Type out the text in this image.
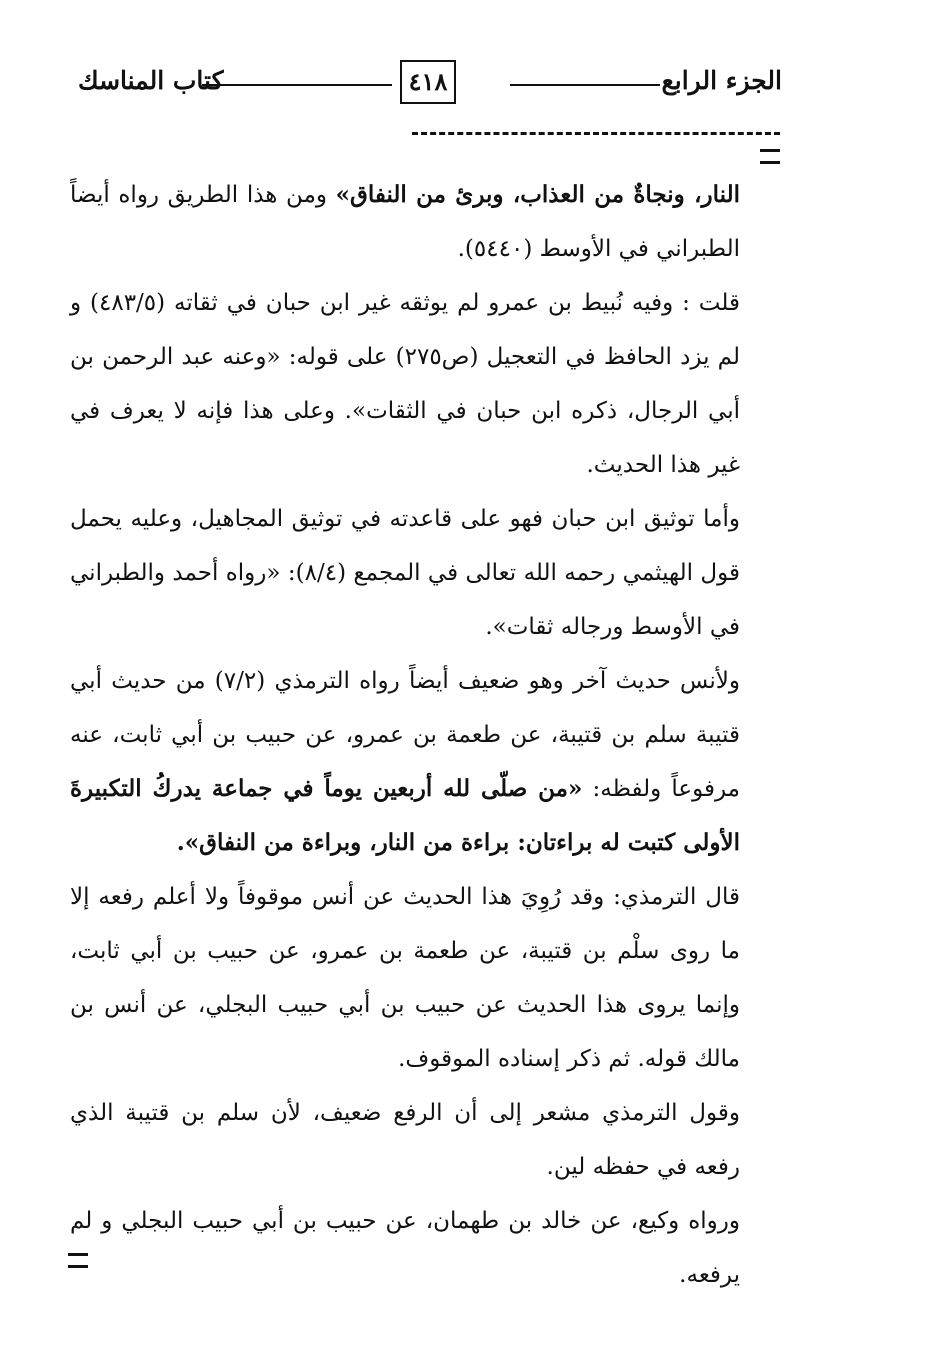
الجزء الرابع
٤١٨
كتاب المناسك

النار، ونجاةٌ من العذاب، وبرئ من النفاق» ومن هذا الطريق رواه أيضاً الطبراني في الأوسط (٥٤٤٠).

قلت : وفيه نُبيط بن عمرو لم يوثقه غير ابن حبان في ثقاته (٤٨٣/٥) و لم يزد الحافظ في التعجيل (ص٢٧٥) على قوله: «وعنه عبد الرحمن بن أبي الرجال، ذكره ابن حبان في الثقات». وعلى هذا فإنه لا يعرف في غير هذا الحديث.

وأما توثيق ابن حبان فهو على قاعدته في توثيق المجاهيل، وعليه يحمل قول الهيثمي رحمه الله تعالى في المجمع (٨/٤): «رواه أحمد والطبراني في الأوسط ورجاله ثقات».

ولأنس حديث آخر وهو ضعيف أيضاً رواه الترمذي (٧/٢) من حديث أبي قتيبة سلم بن قتيبة، عن طعمة بن عمرو، عن حبيب بن أبي ثابت، عنه مرفوعاً ولفظه: «من صلّى لله أربعين يوماً في جماعة يدركُ التكبيرةَ الأولى كتبت له براءتان: براءة من النار، وبراءة من النفاق».

قال الترمذي: وقد رُوِيَ هذا الحديث عن أنس موقوفاً ولا أعلم رفعه إلا ما روى سلْم بن قتيبة، عن طعمة بن عمرو، عن حبيب بن أبي ثابت، وإنما يروى هذا الحديث عن حبيب بن أبي حبيب البجلي، عن أنس بن مالك قوله. ثم ذكر إسناده الموقوف.

وقول الترمذي مشعر إلى أن الرفع ضعيف، لأن سلم بن قتيبة الذي رفعه في حفظه لين.

ورواه وكيع، عن خالد بن طهمان، عن حبيب بن أبي حبيب البجلي و لم يرفعه.
